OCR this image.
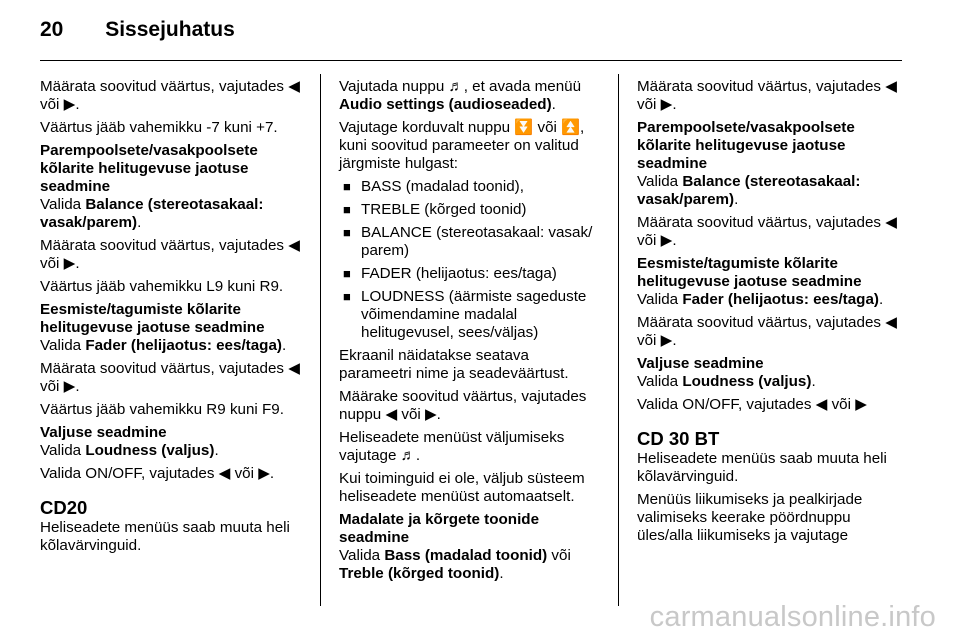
20 Sissejuhatus

Määrata soovitud väärtus, vajutades ◀ või ▶.

Väärtus jääb vahemikku -7 kuni +7.

Parempoolsete/vasakpoolsete kõlarite helitugevuse jaotuse seadmine

Valida Balance (stereotasakaal: vasak/parem).

Määrata soovitud väärtus, vajutades ◀ või ▶.

Väärtus jääb vahemikku L9 kuni R9.

Eesmiste/tagumiste kõlarite helitugevuse jaotuse seadmine

Valida Fader (helijaotus: ees/taga).

Määrata soovitud väärtus, vajutades ◀ või ▶.

Väärtus jääb vahemikku R9 kuni F9.

Valjuse seadmine

Valida Loudness (valjus).

Valida ON/OFF, vajutades ◀ või ▶.

CD20

Heliseadete menüüs saab muuta heli kõlavärvinguid.

Vajutada nuppu ♬, et avada menüü Audio settings (audioseaded).

Vajutage korduvalt nuppu ⏬ või ⏫, kuni soovitud parameeter on valitud järgmiste hulgast:

■ BASS (madalad toonid),
■ TREBLE (kõrged toonid)
■ BALANCE (stereotasakaal: vasak/ parem)
■ FADER (helijaotus: ees/taga)
■ LOUDNESS (äärmiste sageduste võimendamine madalal helitugevusel, sees/väljas)

Ekraanil näidatakse seatava parameetri nime ja seadeväärtust.

Määrake soovitud väärtus, vajutades nuppu ◀ või ▶.

Heliseadete menüüst väljumiseks vajutage ♬.

Kui toiminguid ei ole, väljub süsteem heliseadete menüüst automaatselt.

Madalate ja kõrgete toonide seadmine

Valida Bass (madalad toonid) või Treble (kõrged toonid).

Määrata soovitud väärtus, vajutades ◀ või ▶.

Parempoolsete/vasakpoolsete kõlarite helitugevuse jaotuse seadmine

Valida Balance (stereotasakaal: vasak/parem).

Määrata soovitud väärtus, vajutades ◀ või ▶.

Eesmiste/tagumiste kõlarite helitugevuse jaotuse seadmine

Valida Fader (helijaotus: ees/taga).

Määrata soovitud väärtus, vajutades ◀ või ▶.

Valjuse seadmine

Valida Loudness (valjus).

Valida ON/OFF, vajutades ◀ või ▶

CD 30 BT

Heliseadete menüüs saab muuta heli kõlavärvinguid.

Menüüs liikumiseks ja pealkirjade valimiseks keerake pöördnuppu üles/alla liikumiseks ja vajutage

carmanualsonline.info
